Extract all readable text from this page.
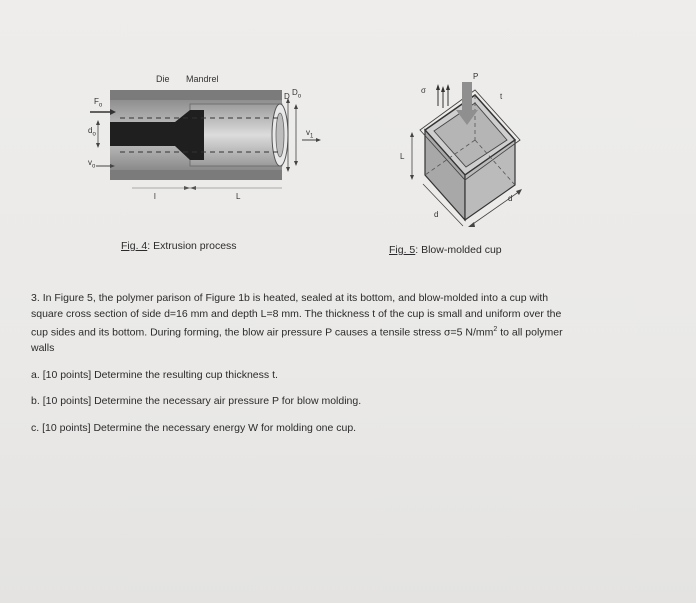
Die Mandrel
$F_o$
$d_o$
$v_o$
l	L
D $D_o$
$v_1$
Fig. 4: Extrusion process
σ
P
t
L
d
d
Fig. 5: Blow-molded cup
3. In Figure 5, the polymer parison of Figure 1b is heated, sealed at its bottom, and blow-molded into a cup with
square cross section of side d=16 mm and depth L=8 mm. The thickness t of the cup is small and uniform over the
cup sides and its bottom. During forming, the blow air pressure P causes a tensile stress σ=5 $N/mm^2$ to all polymer
walls
a. [10 points] Determine the resulting cup thickness t.
b. [10 points] Determine the necessary air pressure P for blow molding.
c. [10 points] Determine the necessary energy W for molding one cup.
